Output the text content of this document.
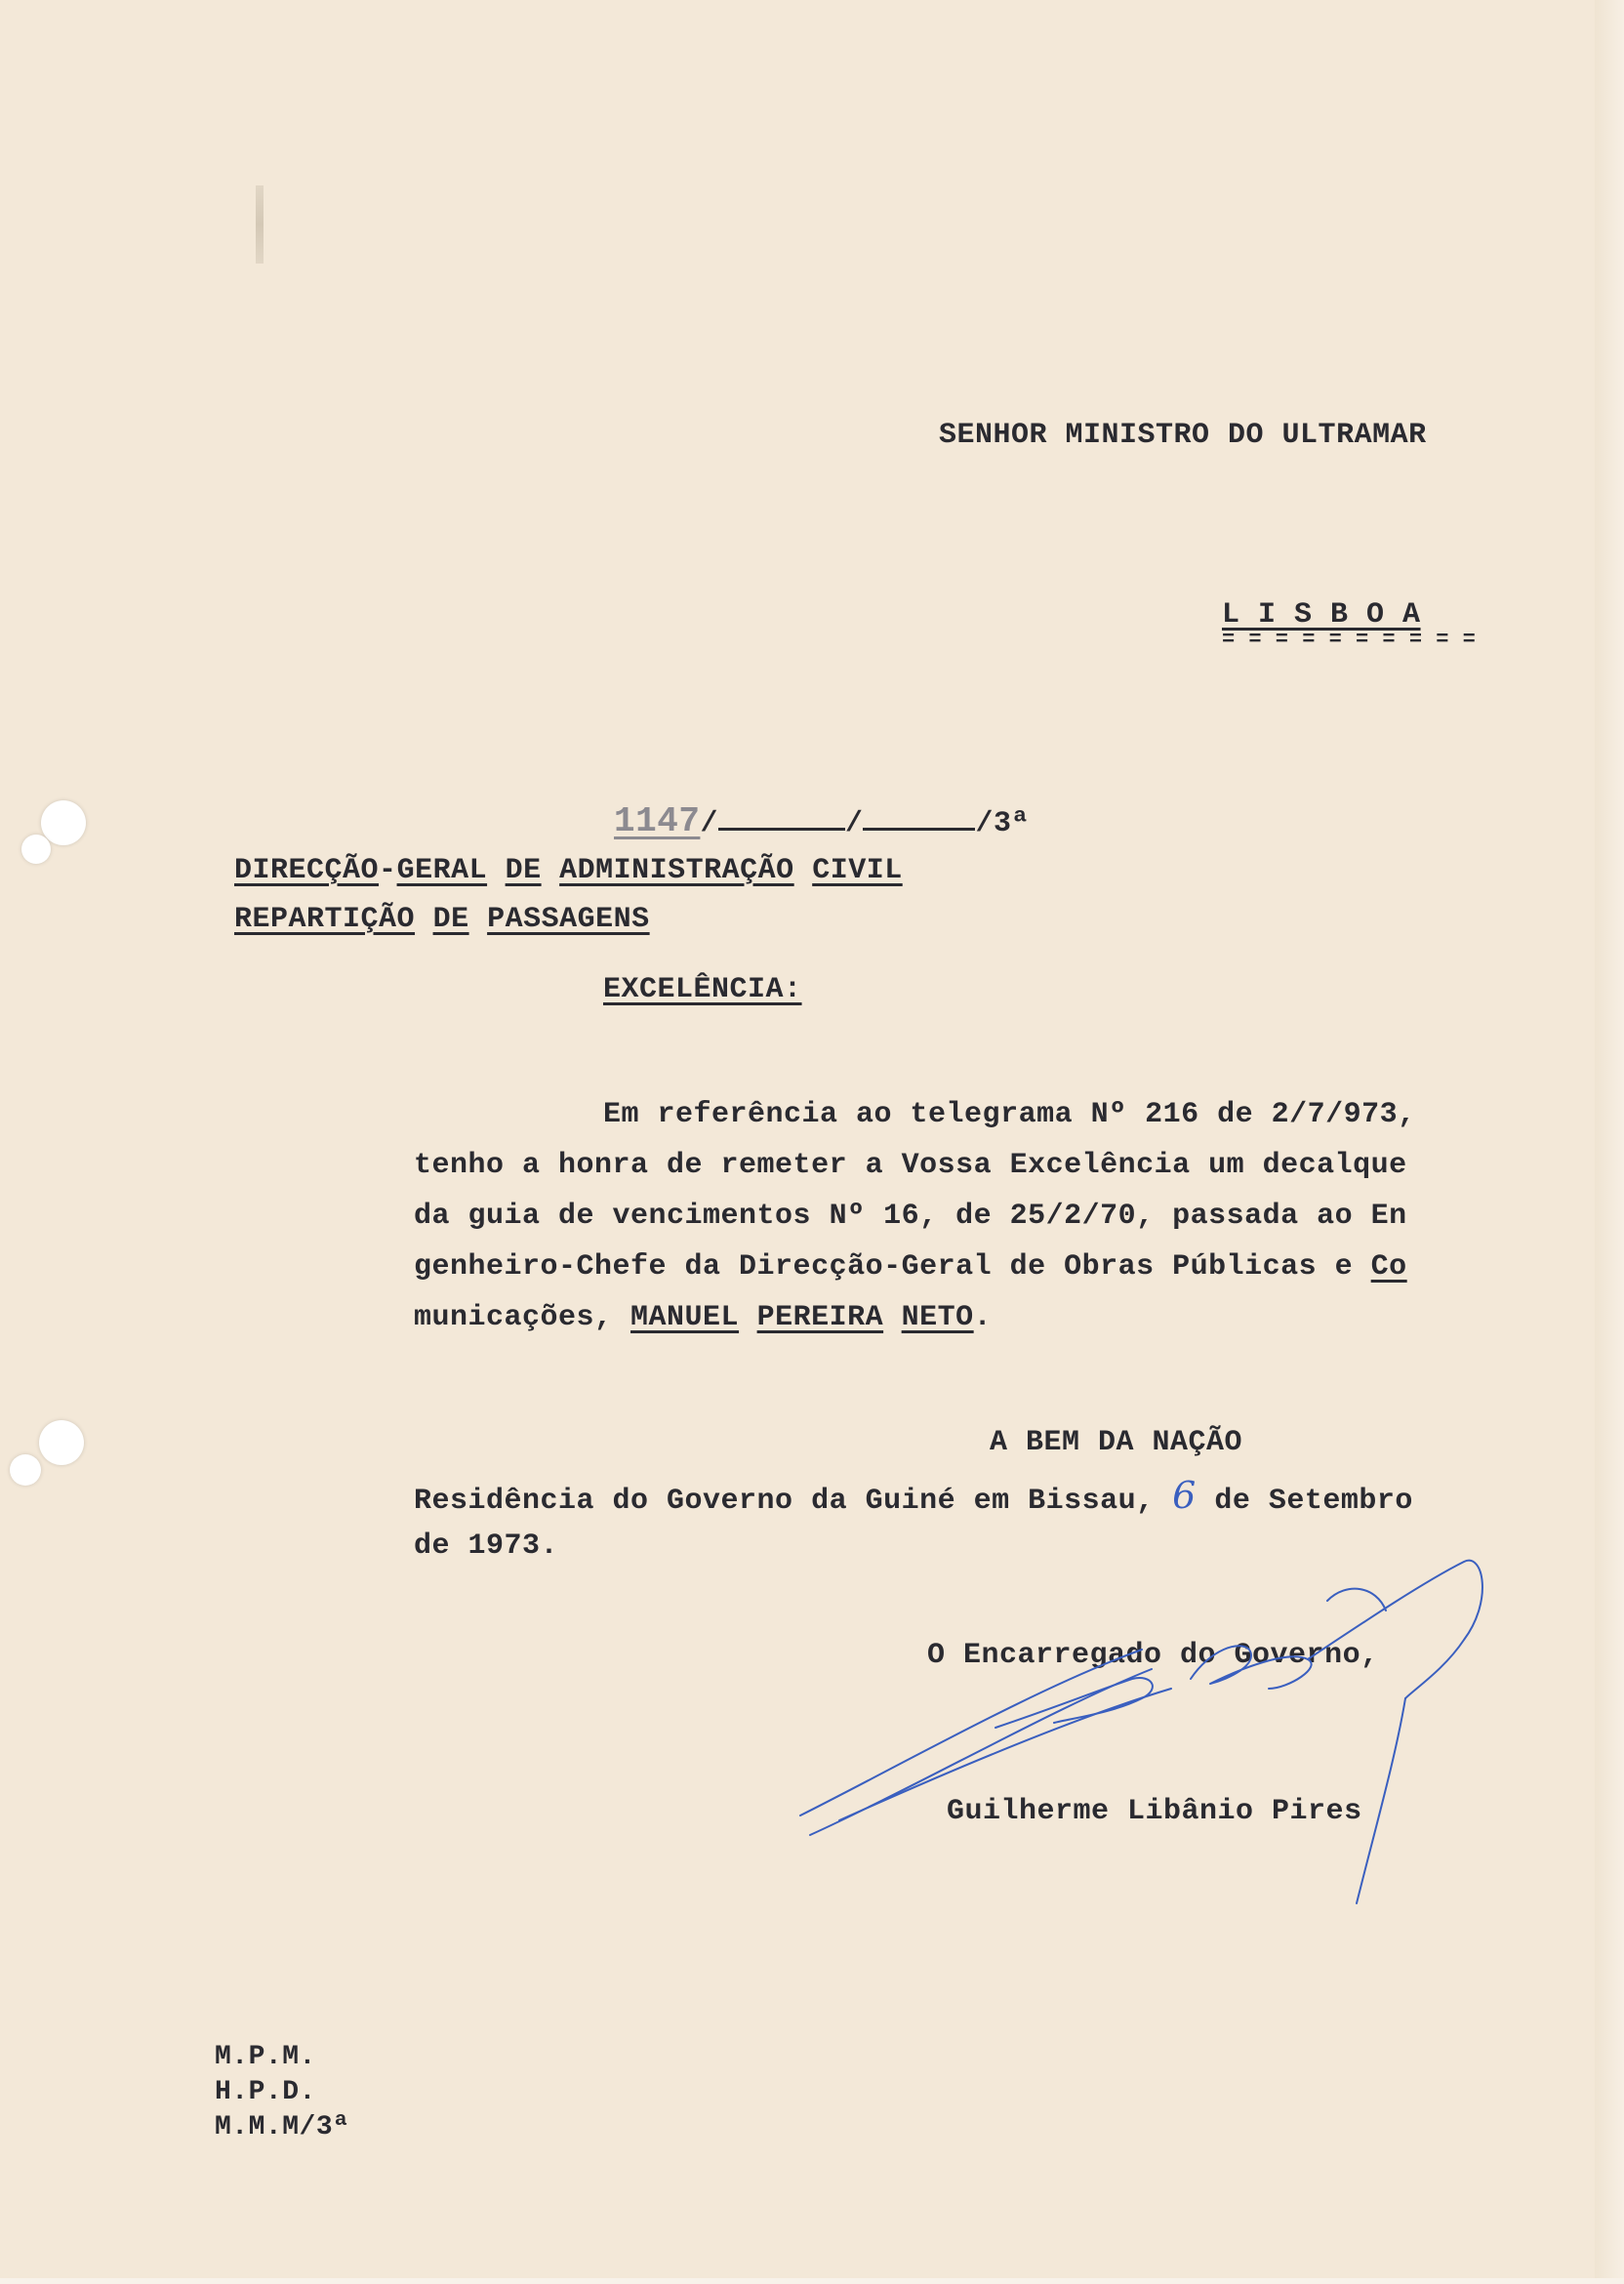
SENHOR MINISTRO DO ULTRAMAR
L I S B O A
= = = = = = = = = =

1147/	/	/3ª

DIRECÇÃO-GERAL DE ADMINISTRAÇÃO CIVIL

REPARTIÇÃO DE PASSAGENS

EXCELÊNCIA:
Em referência ao telegrama Nº 216 de 2/7/973,
tenho a honra de remeter a Vossa Excelência um decalque
da guia de vencimentos Nº 16, de 25/2/70, passada ao En
genheiro-Chefe da Direcção-Geral de Obras Públicas e Co
municações, MANUEL PEREIRA NETO.
A BEM DA NAÇÃO
Residência do Governo da Guiné em Bissau, 6 de Setembro
de 1973.
O Encarregado do Governo,
Guilherme Libânio Pires
M.P.M.
H.P.D.
M.M.M/3ª
